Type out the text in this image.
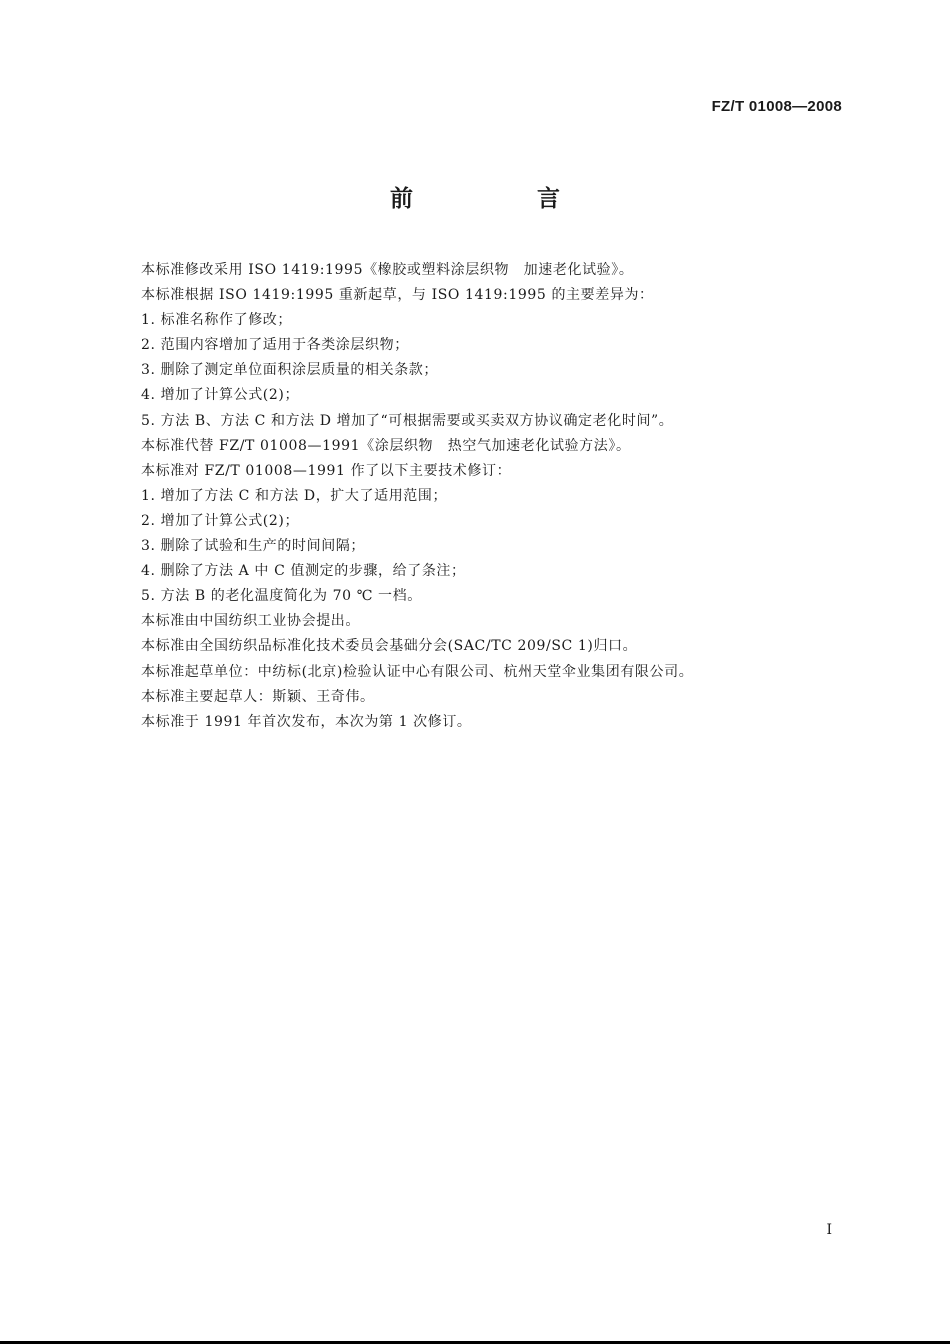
FZ/T 01008—2008
前 言
本标准修改采用 ISO 1419:1995《橡胶或塑料涂层织物　加速老化试验》。
本标准根据 ISO 1419:1995 重新起草，与 ISO 1419:1995 的主要差异为：
1. 标准名称作了修改；
2. 范围内容增加了适用于各类涂层织物；
3. 删除了测定单位面积涂层质量的相关条款；
4. 增加了计算公式(2)；
5. 方法 B、方法 C 和方法 D 增加了“可根据需要或买卖双方协议确定老化时间”。
本标准代替 FZ/T 01008—1991《涂层织物　热空气加速老化试验方法》。
本标准对 FZ/T 01008—1991 作了以下主要技术修订：
1. 增加了方法 C 和方法 D，扩大了适用范围；
2. 增加了计算公式(2)；
3. 删除了试验和生产的时间间隔；
4. 删除了方法 A 中 C 值测定的步骤，给了条注；
5. 方法 B 的老化温度简化为 70 ℃ 一档。
本标准由中国纺织工业协会提出。
本标准由全国纺织品标准化技术委员会基础分会(SAC/TC 209/SC 1)归口。
本标准起草单位：中纺标(北京)检验认证中心有限公司、杭州天堂伞业集团有限公司。
本标准主要起草人：斯颖、王奇伟。
本标准于 1991 年首次发布，本次为第 1 次修订。
I
